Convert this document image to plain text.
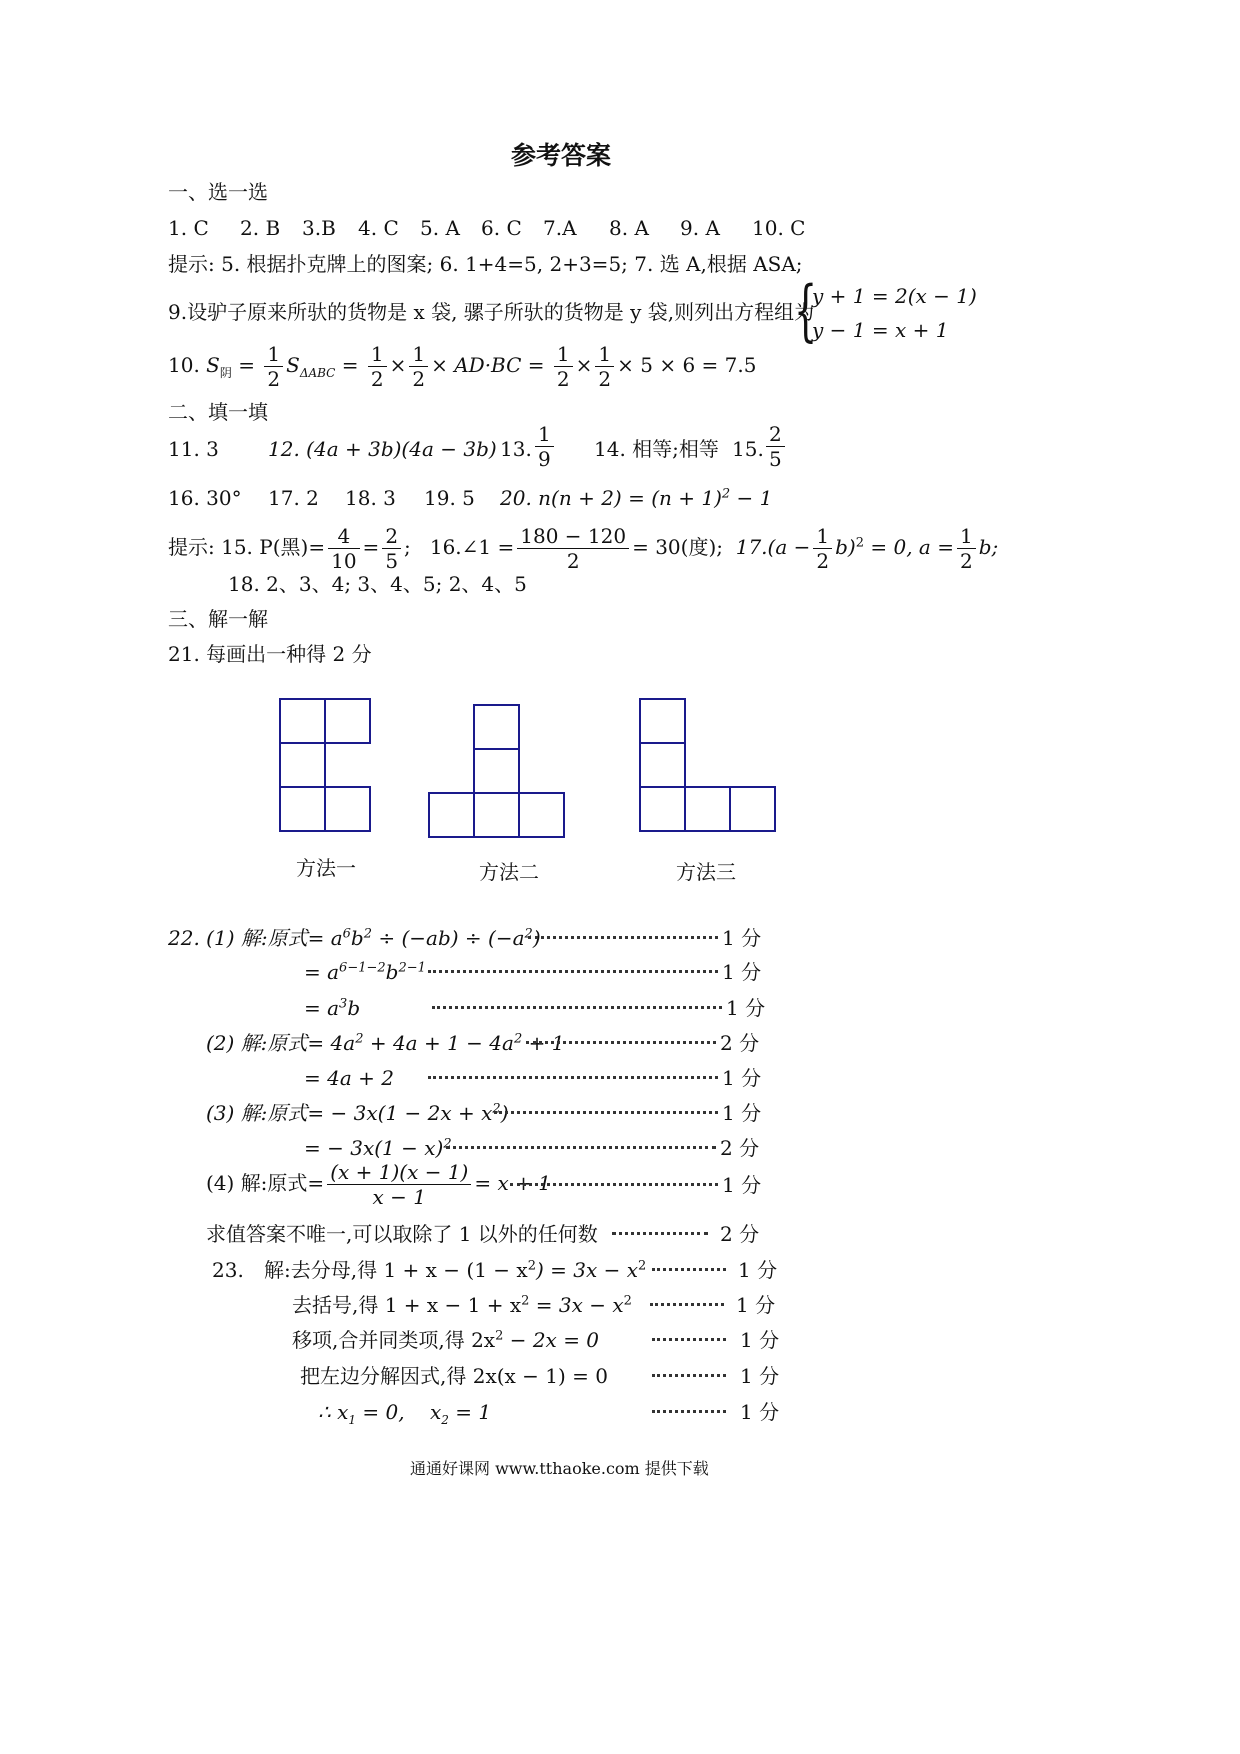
参考答案
一、选一选
1. C 2. B 3.B 4. C 5. A 6. C 7.A 8. A 9. A 10. C
提示: 5. 根据扑克牌上的图案; 6. 1+4=5, 2+3=5; 7. 选 A,根据 ASA;
9.设驴子原来所驮的货物是 x 袋, 骡子所驮的货物是 y 袋,则列出方程组为
{
y + 1 = 2(x − 1)
y − 1 = x + 1
10. $S_阴 = \frac{1}{2} S_{\Delta ABC} = \frac{1}{2} \times \frac{1}{2} \times AD\cdot BC = \frac{1}{2} \times \frac{1}{2} \times 5 \times 6 = 7.5$
二、填一填
11. 3 12. (4a + 3b)(4a − 3b) 13. $\frac{1}{9} 14$. 相等;相等 15. $\frac{2}{5}$
16. 30° 17. 2 18. 3 19. 5 20. $n(n + 2) = (n + 1)^2 - 1$
提示: 15. P(黑)= $\frac{4}{10} = \frac{2}{5}$ ;   16.∠1 = $\frac{180 - 120}{2} = 30$(度); $17.(a - \frac{1}{2} b)^2 = 0$, $a = \frac{1}{2} b$;
18. 2、3、4; 3、4、5; 2、4、5
三、解一解
21. 每画出一种得 2 分
方法一	方法二	方法三
22. (1) 解:原式= $a^6b^2 \div (-ab) \div (-a^2)$	1 分
= $a^{6-1-2}b^{2-1}$	1 分
= $a^3b$	1 分
(2) 解:原式= $4a^2 + 4a + 1 - 4a^2 + 1$	2 分
= 4a + 2	1 分
(3) 解:原式= − $3x(1 - 2x + x^2)$	1 分
= − $3x(1 - x)^2$	2 分
(4) 解:原式= $\frac{(x + 1)(x - 1)}{x - 1} = x + 1$	1 分
求值答案不唯一,可以取除了 1 以外的任何数	2 分
23. 解:去分母,得 $1 + x - (1 - x^2) = 3x - x^2$	1 分
去括号,得 $1 + x - 1 + x^2 = 3x - x^2$	1 分
移项,合并同类项,得 $2x^2 - 2x = 0$	1 分
把左边分解因式,得 2x(x − 1) = 0	1 分
∴ $x_1 = 0$,    $x_2 = 1$	1 分
通通好课网 www.tthaoke.com 提供下载
